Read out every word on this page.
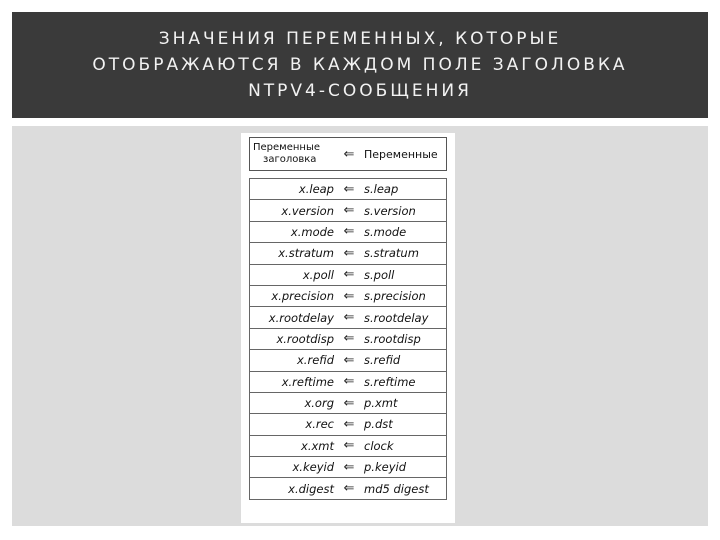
ЗНАЧЕНИЯ ПЕРЕМЕННЫХ, КОТОРЫЕ
ОТОБРАЖАЮТСЯ В КАЖДОМ ПОЛЕ ЗАГОЛОВКА
NTPV4-СООБЩЕНИЯ
Переменные
заголовка	⇐ Переменные
x.leap ⇐ s.leap
x.version ⇐ s.version
x.mode ⇐ s.mode
x.stratum ⇐ s.stratum
x.poll ⇐ s.poll
x.precision ⇐ s.precision
x.rootdelay ⇐ s.rootdelay
x.rootdisp ⇐ s.rootdisp
x.refid ⇐ s.refid
x.reftime ⇐ s.reftime
x.org ⇐ p.xmt
x.rec ⇐ p.dst
x.xmt ⇐ clock
x.keyid ⇐ p.keyid
x.digest ⇐ md5 digest
